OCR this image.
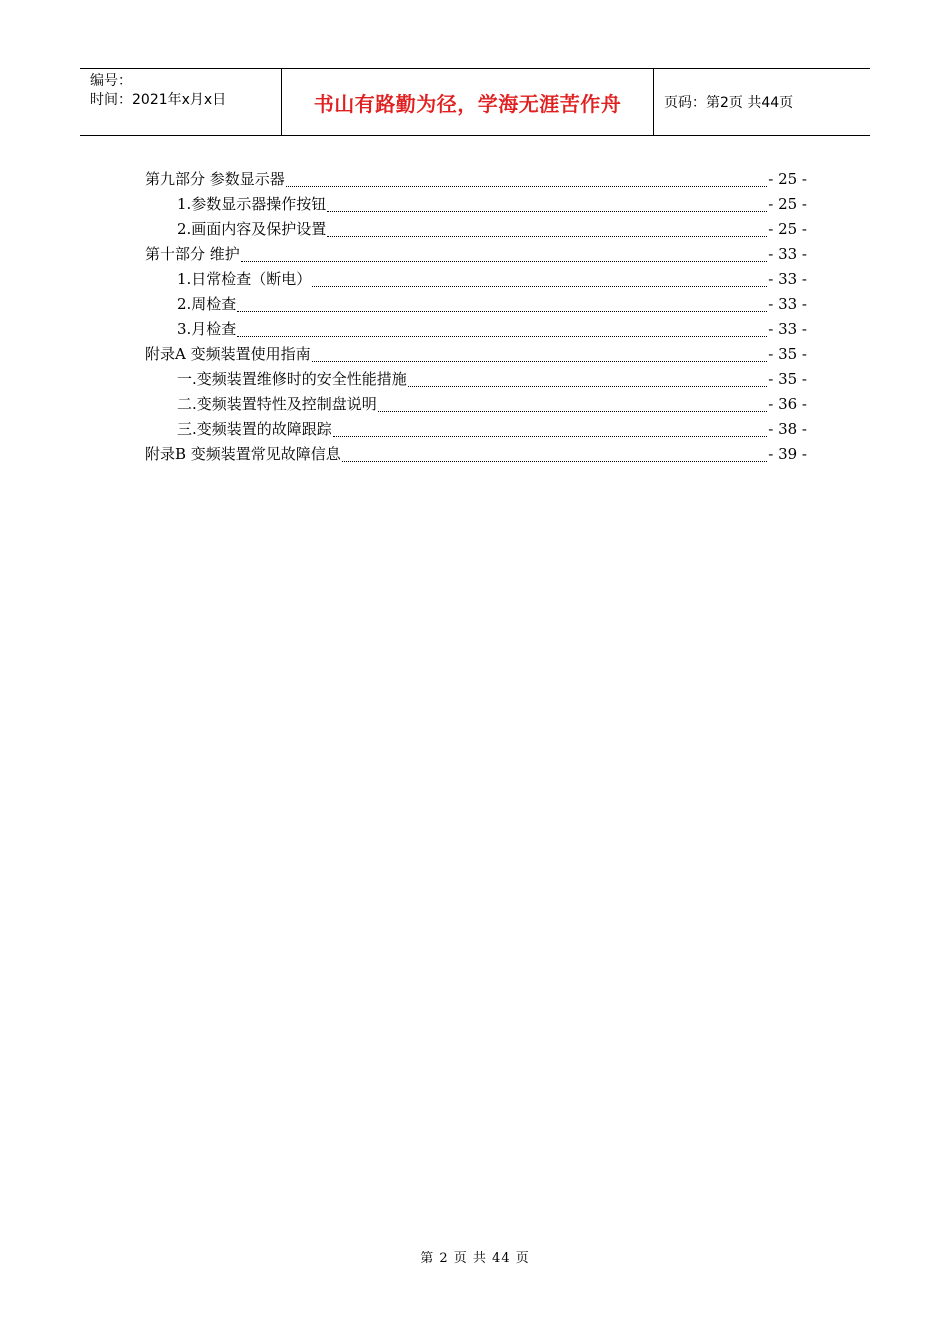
编号：
时间：2021年x月x日	书山有路勤为径，学海无涯苦作舟	页码：第2页 共44页
第九部分 参数显示器	- 25 -
1.参数显示器操作按钮	- 25 -
2.画面内容及保护设置	- 25 -
第十部分 维护	- 33 -
1.日常检查（断电）	- 33 -
2.周检查	- 33 -
3.月检查	- 33 -
附录A 变频装置使用指南	- 35 -
一.变频装置维修时的安全性能措施	- 35 -
二.变频装置特性及控制盘说明	- 36 -
三.变频装置的故障跟踪	- 38 -
附录B 变频装置常见故障信息	- 39 -
第 2 页 共 44 页
